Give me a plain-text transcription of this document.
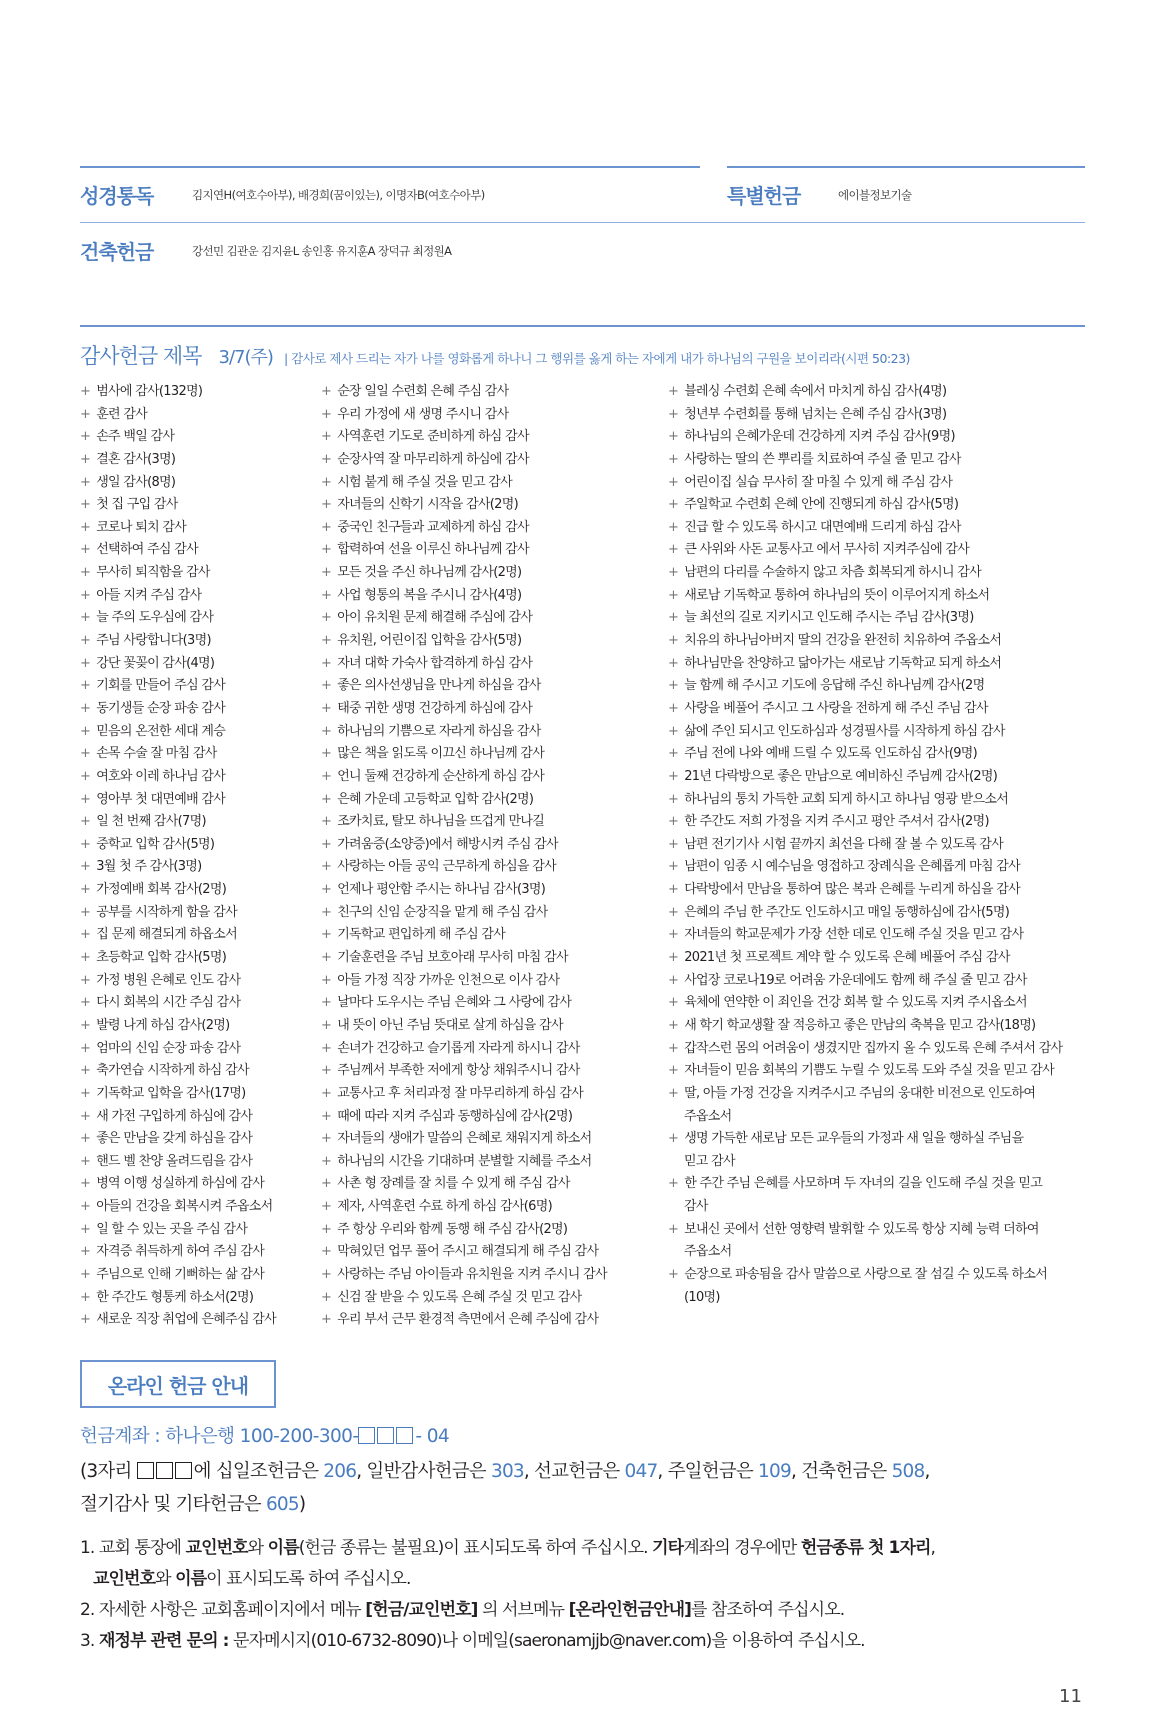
성경통독	김지연H(여호수아부), 배경희(꿈이있는), 이명자B(여호수아부)	특별헌금	에이블정보기술
건축헌금	강선민 김관운 김지윤L 송인홍 유지훈A 장덕규 최정원A
감사헌금 제목 3/7(주) | 감사로 제사 드리는 자가 나를 영화롭게 하나니 그 행위를 옳게 하는 자에게 내가 하나님의 구원을 보이리라(시편 50:23)
+ 범사에 감사(132명)
+ 훈련 감사
+ 손주 백일 감사
+ 결혼 감사(3명)
+ 생일 감사(8명)
+ 첫 집 구입 감사
+ 코로나 퇴치 감사
+ 선택하여 주심 감사
+ 무사히 퇴직함을 감사
+ 아들 지켜 주심 감사
+ 늘 주의 도우심에 감사
+ 주님 사랑합니다(3명)
+ 강단 꽃꽂이 감사(4명)
+ 기회를 만들어 주심 감사
+ 동기생들 순장 파송 감사
+ 믿음의 온전한 세대 계승
+ 손목 수술 잘 마침 감사
+ 여호와 이레 하나님 감사
+ 영아부 첫 대면예배 감사
+ 일 천 번째 감사(7명)
+ 중학교 입학 감사(5명)
+ 3월 첫 주 감사(3명)
+ 가정예배 회복 감사(2명)
+ 공부를 시작하게 함을 감사
+ 집 문제 해결되게 하옵소서
+ 초등학교 입학 감사(5명)
+ 가정 병원 은혜로 인도 감사
+ 다시 회복의 시간 주심 감사
+ 발령 나게 하심 감사(2명)
+ 엄마의 신임 순장 파송 감사
+ 축가연습 시작하게 하심 감사
+ 기독학교 입학을 감사(17명)
+ 새 가전 구입하게 하심에 감사
+ 좋은 만남을 갖게 하심을 감사
+ 핸드 벨 찬양 올려드림을 감사
+ 병역 이행 성실하게 하심에 감사
+ 아들의 건강을 회복시켜 주옵소서
+ 일 할 수 있는 곳을 주심 감사
+ 자격증 취득하게 하여 주심 감사
+ 주님으로 인해 기뻐하는 삶 감사
+ 한 주간도 형통케 하소서(2명)
+ 새로운 직장 취업에 은혜주심 감사
+ 순장 일일 수련회 은혜 주심 감사
+ 우리 가정에 새 생명 주시니 감사
+ 사역훈련 기도로 준비하게 하심 감사
+ 순장사역 잘 마무리하게 하심에 감사
+ 시험 붙게 해 주실 것을 믿고 감사
+ 자녀들의 신학기 시작을 감사(2명)
+ 중국인 친구들과 교제하게 하심 감사
+ 합력하여 선을 이루신 하나님께 감사
+ 모든 것을 주신 하나님께 감사(2명)
+ 사업 형통의 복을 주시니 감사(4명)
+ 아이 유치원 문제 해결해 주심에 감사
+ 유치원, 어린이집 입학을 감사(5명)
+ 자녀 대학 가숙사 합격하게 하심 감사
+ 좋은 의사선생님을 만나게 하심을 감사
+ 태중 귀한 생명 건강하게 하심에 감사
+ 하나님의 기쁨으로 자라게 하심을 감사
+ 많은 책을 읽도록 이끄신 하나님께 감사
+ 언니 둘째 건강하게 순산하게 하심 감사
+ 은혜 가운데 고등학교 입학 감사(2명)
+ 조카치료, 탈모 하나님을 뜨겁게 만나길
+ 가려움증(소양증)에서 해방시켜 주심 감사
+ 사랑하는 아들 공익 근무하게 하심을 감사
+ 언제나 평안함 주시는 하나님 감사(3명)
+ 친구의 신임 순장직을 맡게 해 주심 감사
+ 기독학교 편입하게 해 주심 감사
+ 기술훈련을 주님 보호아래 무사히 마침 감사
+ 아들 가정 직장 가까운 인천으로 이사 감사
+ 날마다 도우시는 주님 은혜와 그 사랑에 감사
+ 내 뜻이 아닌 주님 뜻대로 살게 하심을 감사
+ 손녀가 건강하고 슬기롭게 자라게 하시니 감사
+ 주님께서 부족한 저에게 항상 채워주시니 감사
+ 교통사고 후 처리과정 잘 마무리하게 하심 감사
+ 때에 따라 지켜 주심과 동행하심에 감사(2명)
+ 자녀들의 생애가 말씀의 은혜로 채워지게 하소서
+ 하나님의 시간을 기대하며 분별할 지혜를 주소서
+ 사촌 형 장례를 잘 치를 수 있게 해 주심 감사
+ 제자, 사역훈련 수료 하게 하심 감사(6명)
+ 주 항상 우리와 함께 동행 해 주심 감사(2명)
+ 막혀있던 업무 풀어 주시고 해결되게 해 주심 감사
+ 사랑하는 주님 아이들과 유치원을 지켜 주시니 감사
+ 신검 잘 받을 수 있도록 은혜 주실 것 믿고 감사
+ 우리 부서 근무 환경적 측면에서 은혜 주심에 감사
+ 블레싱 수련회 은혜 속에서 마치게 하심 감사(4명)
+ 청년부 수련회를 통해 넘치는 은혜 주심 감사(3명)
+ 하나님의 은혜가운데 건강하게 지켜 주심 감사(9명)
+ 사랑하는 딸의 쓴 뿌리를 치료하여 주실 줄 믿고 감사
+ 어린이집 실습 무사히 잘 마칠 수 있게 해 주심 감사
+ 주일학교 수련회 은혜 안에 진행되게 하심 감사(5명)
+ 진급 할 수 있도록 하시고 대면예배 드리게 하심 감사
+ 큰 사위와 사돈 교통사고 에서 무사히 지켜주심에 감사
+ 남편의 다리를 수술하지 않고 차츰 회복되게 하시니 감사
+ 새로남 기독학교 통하여 하나님의 뜻이 이루어지게 하소서
+ 늘 최선의 길로 지키시고 인도해 주시는 주님 감사(3명)
+ 치유의 하나님아버지 딸의 건강을 완전히 치유하여 주옵소서
+ 하나님만을 찬양하고 닮아가는 새로남 기독학교 되게 하소서
+ 늘 함께 해 주시고 기도에 응답해 주신 하나님께 감사(2명
+ 사랑을 베풀어 주시고 그 사랑을 전하게 해 주신 주님 감사
+ 삶에 주인 되시고 인도하심과 성경필사를 시작하게 하심 감사
+ 주님 전에 나와 예배 드릴 수 있도록 인도하심 감사(9명)
+ 21년 다락방으로 좋은 만남으로 예비하신 주님께 감사(2명)
+ 하나님의 통치 가득한 교회 되게 하시고 하나님 영광 받으소서
+ 한 주간도 저희 가정을 지켜 주시고 평안 주셔서 감사(2명)
+ 남편 전기기사 시험 끝까지 최선을 다해 잘 볼 수 있도록 감사
+ 남편이 임종 시 예수님을 영접하고 장례식을 은혜롭게 마침 감사
+ 다락방에서 만남을 통하여 많은 복과 은혜를 누리게 하심을 감사
+ 은혜의 주님 한 주간도 인도하시고 매일 동행하심에 감사(5명)
+ 자녀들의 학교문제가 가장 선한 데로 인도해 주실 것을 믿고 감사
+ 2021년 첫 프로젝트 계약 할 수 있도록 은혜 베풀어 주심 감사
+ 사업장 코로나19로 어려움 가운데에도 함께 해 주실 줄 믿고 감사
+ 육체에 연약한 이 죄인을 건강 회복 할 수 있도록 지켜 주시옵소서
+ 새 학기 학교생활 잘 적응하고 좋은 만남의 축복을 믿고 감사(18명)
+ 갑작스런 몸의 어려움이 생겼지만 집까지 올 수 있도록 은혜 주셔서 감사
+ 자녀들이 믿음 회복의 기쁨도 누릴 수 있도록 도와 주실 것을 믿고 감사
+ 딸, 아들 가정 건강을 지켜주시고 주님의 웅대한 비전으로 인도하여
주옵소서
+ 생명 가득한 새로남 모든 교우들의 가정과 새 일을 행하실 주님을
믿고 감사
+ 한 주간 주님 은혜를 사모하며 두 자녀의 길을 인도해 주실 것을 믿고
감사
+ 보내신 곳에서 선한 영향력 발휘할 수 있도록 항상 지혜 능력 더하여
주옵소서
+ 순장으로 파송됨을 감사 말씀으로 사랑으로 잘 섬길 수 있도록 하소서
(10명)
온라인 헌금 안내
헌금계좌 : 하나은행 100-200-300-	- 04
(3자리	에 십일조헌금은 206, 일반감사헌금은 303, 선교헌금은 047, 주일헌금은 109, 건축헌금은 508,
절기감사 및 기타헌금은 605)
1. 교회 통장에 교인번호와 이름(헌금 종류는 불필요)이 표시되도록 하여 주십시오. 기타계좌의 경우에만 헌금종류 첫 1자리,
교인번호와 이름이 표시되도록 하여 주십시오.
2. 자세한 사항은 교회홈페이지에서 메뉴 [헌금/교인번호] 의 서브메뉴 [온라인헌금안내]를 참조하여 주십시오.
3. 재정부 관련 문의 : 문자메시지(010-6732-8090)나 이메일(saeronamjjb@naver.com)을 이용하여 주십시오.
11
